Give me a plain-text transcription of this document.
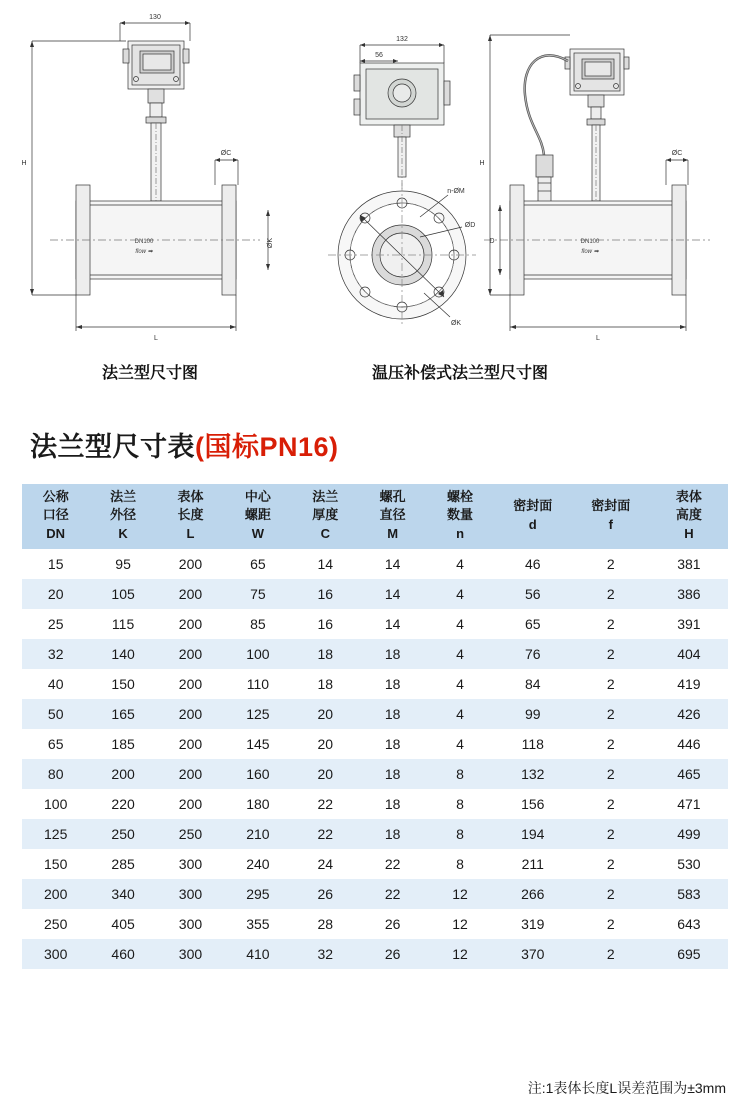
DN100
flow ➡
130
H
L
ØC
ØK
132
56
n-ØM
ØD
ØK
DN100
flow ➡
H
D
L
ØC
法兰型尺寸图	温压补偿式法兰型尺寸图
法兰型尺寸表(国标PN16)
公称
口径
DN	法兰
外径
K	表体
长度
L	中心
螺距
W	法兰
厚度
C	螺孔
直径
M	螺栓
数量
n	密封面
d	密封面
f	表体
高度
H

15	95	200	65	14	14	4	46	2	381
20	105	200	75	16	14	4	56	2	386
25	115	200	85	16	14	4	65	2	391
32	140	200	100	18	18	4	76	2	404
40	150	200	110	18	18	4	84	2	419
50	165	200	125	20	18	4	99	2	426
65	185	200	145	20	18	4	118	2	446
80	200	200	160	20	18	8	132	2	465
100	220	200	180	22	18	8	156	2	471
125	250	250	210	22	18	8	194	2	499
150	285	300	240	24	22	8	211	2	530
200	340	300	295	26	22	12	266	2	583
250	405	300	355	28	26	12	319	2	643
300	460	300	410	32	26	12	370	2	695
注:1表体长度L误差范围为±3mm
